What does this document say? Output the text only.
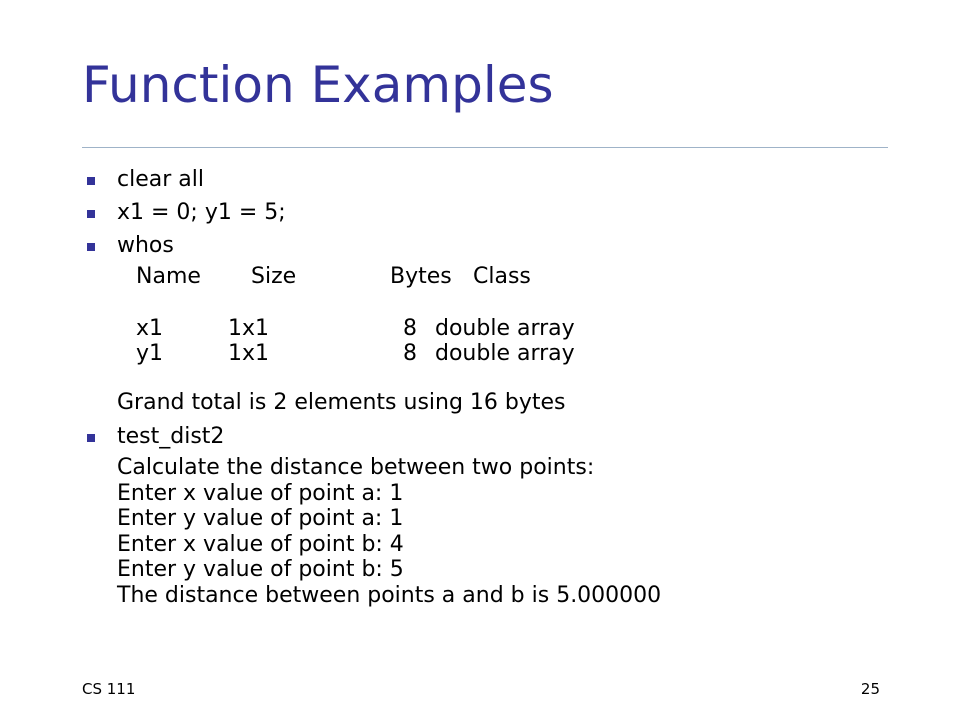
Function Examples
clear all
x1 = 0; y1 = 5;
whos
Name Size	Bytes Class
x1	1x1	8 double array
y1	1x1	8 double array
Grand total is 2 elements using 16 bytes
test_dist2
Calculate the distance between two points:
Enter x value of point a: 1
Enter y value of point a: 1
Enter x value of point b: 4
Enter y value of point b: 5
The distance between points a and b is 5.000000
CS 111	25
